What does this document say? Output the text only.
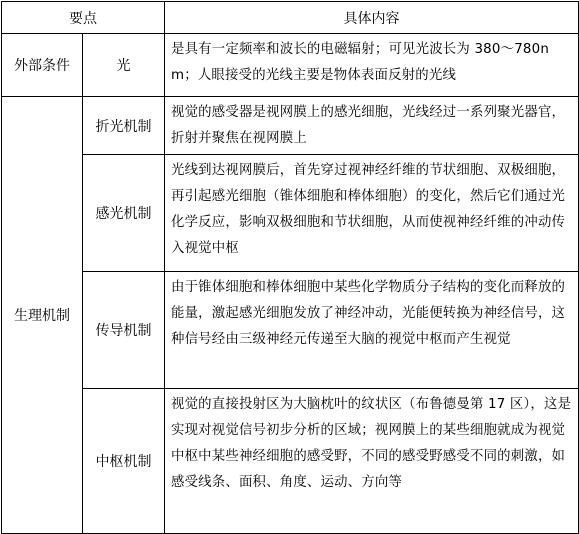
要点		具体内容
外部条件	光	是具有一定频率和波长的电磁辐射；可见光波长为 380～780nm；人眼接受的光线主要是物体表面反射的光线
生理机制	折光机制	视觉的感受器是视网膜上的感光细胞，光线经过一系列聚光器官，折射并聚焦在视网膜上
	感光机制	光线到达视网膜后，首先穿过视神经纤维的节状细胞、双极细胞，再引起感光细胞（锥体细胞和棒体细胞）的变化，然后它们通过光化学反应，影响双极细胞和节状细胞，从而使视神经纤维的冲动传入视觉中枢
	传导机制	由于锥体细胞和棒体细胞中某些化学物质分子结构的变化而释放的能量，激起感光细胞发放了神经冲动，光能便转换为神经信号，这种信号经由三级神经元传递至大脑的视觉中枢而产生视觉
	中枢机制	视觉的直接投射区为大脑枕叶的纹状区（布鲁德曼第 17 区），这是实现对视觉信号初步分析的区域；视网膜上的某些细胞就成为视觉中枢中某些神经细胞的感受野，不同的感受野感受不同的刺激，如感受线条、面积、角度、运动、方向等
